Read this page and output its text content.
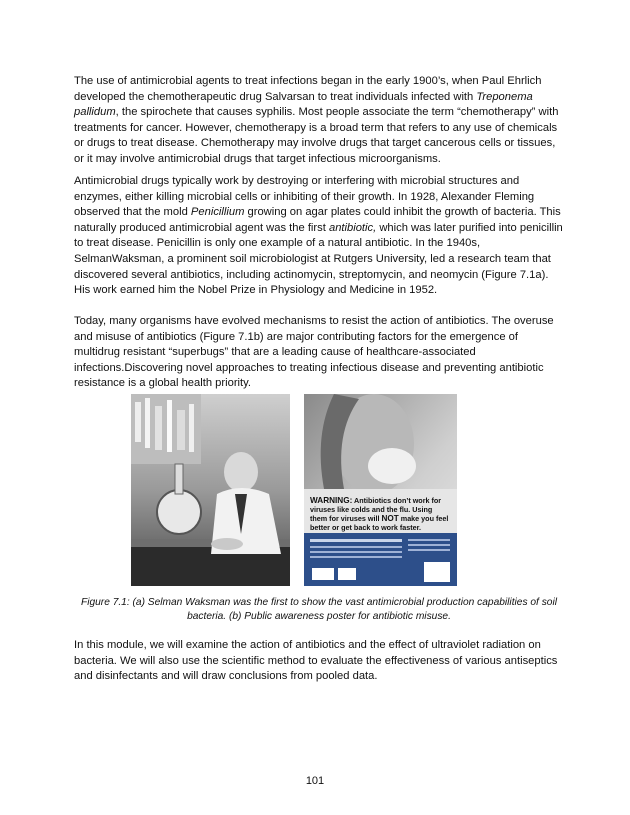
The use of antimicrobial agents to treat infections began in the early 1900’s, when Paul Ehrlich developed the chemotherapeutic drug Salvarsan to treat individuals infected with Treponema pallidum, the spirochete that causes syphilis. Most people associate the term “chemotherapy” with treatments for cancer. However, chemotherapy is a broad term that refers to any use of chemicals or drugs to treat disease. Chemotherapy may involve drugs that target cancerous cells or tissues, or it may involve antimicrobial drugs that target infectious microorganisms.

Antimicrobial drugs typically work by destroying or interfering with microbial structures and enzymes, either killing microbial cells or inhibiting of their growth. In 1928, Alexander Fleming observed that the mold Penicillium growing on agar plates could inhibit the growth of bacteria. This naturally produced antimicrobial agent was the first antibiotic, which was later purified into penicillin to treat disease. Penicillin is only one example of a natural antibiotic. In the 1940s, SelmanWaksman, a prominent soil microbiologist at Rutgers University, led a research team that discovered several antibiotics, including actinomycin, streptomycin, and neomycin (Figure 7.1a). His work earned him the Nobel Prize in Physiology and Medicine in 1952.

Today, many organisms have evolved mechanisms to resist the action of antibiotics. The overuse and misuse of antibiotics (Figure 7.1b) are major contributing factors for the emergence of multidrug resistant “superbugs” that are a leading cause of healthcare-associated infections.Discovering novel approaches to treating infectious disease and preventing antibiotic resistance is a global health priority.

WARNING: Antibiotics don’t work for viruses like colds and the flu. Using them for viruses will NOT make you feel better or get back to work faster.

Figure 7.1: (a) Selman Waksman was the first to show the vast antimicrobial production capabilities of soil bacteria. (b) Public awareness poster for antibiotic misuse.

In this module, we will examine the action of antibiotics and the effect of ultraviolet radiation on bacteria. We will also use the scientific method to evaluate the effectiveness of various antiseptics and disinfectants and will draw conclusions from pooled data.

101
